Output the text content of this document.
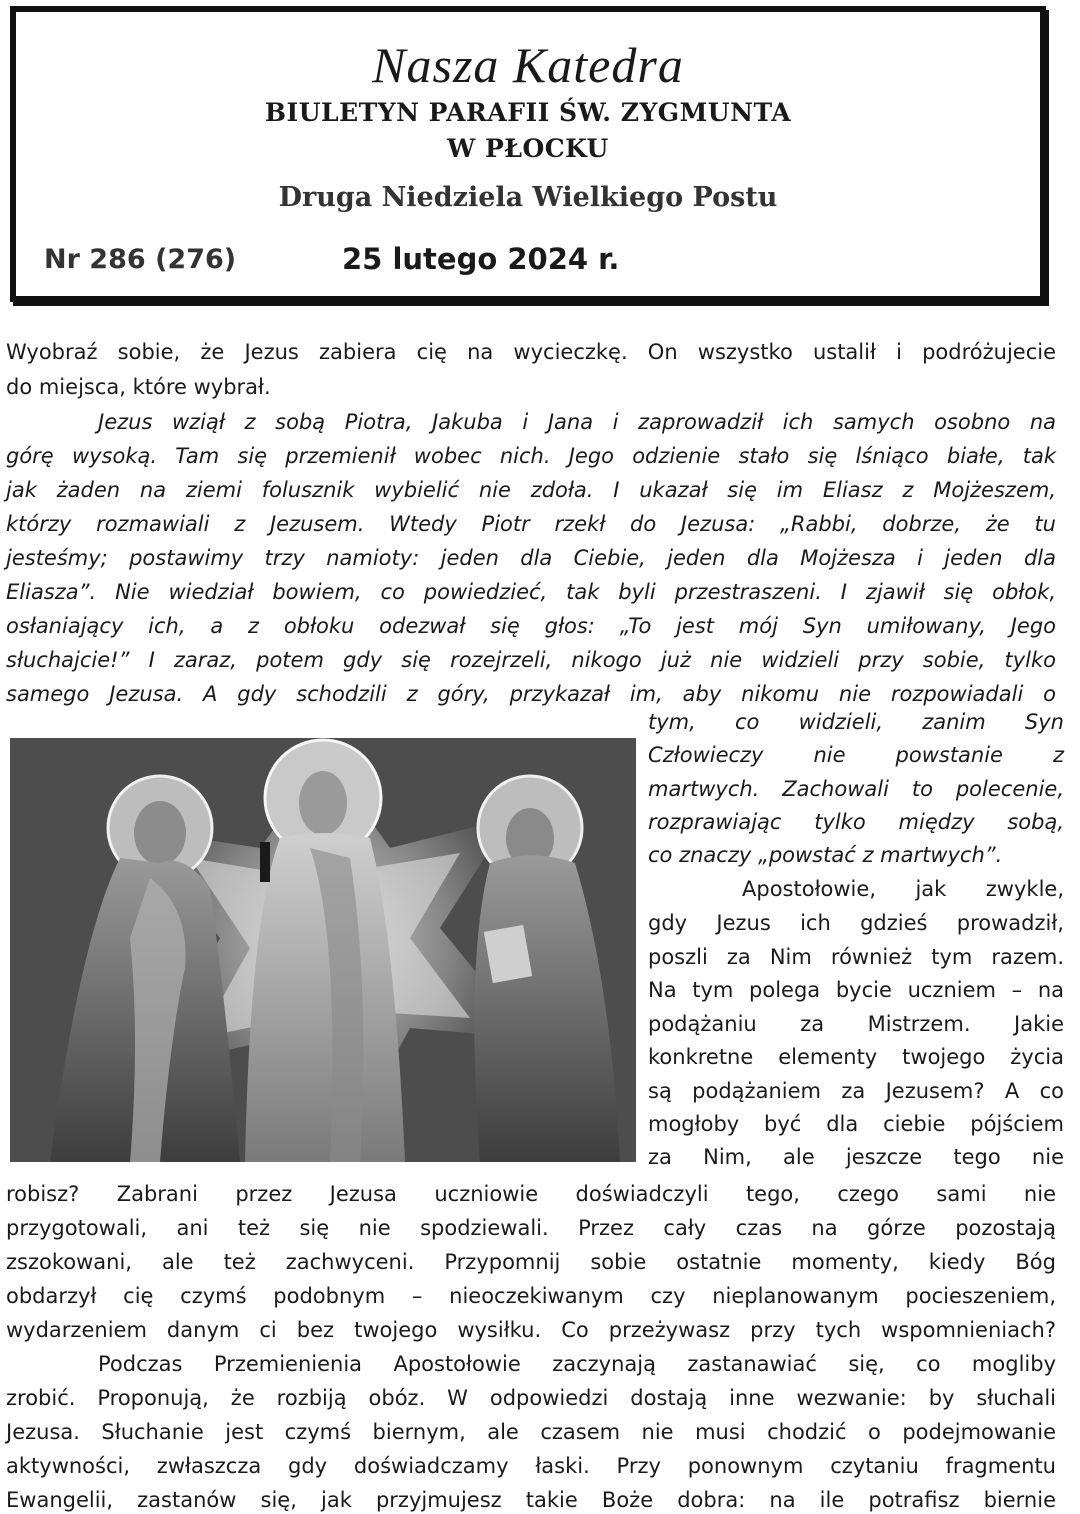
Nasza Katedra
BIULETYN PARAFII ŚW. ZYGMUNTA
W PŁOCKU
Druga Niedziela Wielkiego Postu
Nr 286 (276)	25 lutego 2024 r.
Wyobraź sobie, że Jezus zabiera cię na wycieczkę. On wszystko ustalił i podróżujecie
do miejsca, które wybrał.
Jezus wziął z sobą Piotra, Jakuba i Jana i zaprowadził ich samych osobno na
górę wysoką. Tam się przemienił wobec nich. Jego odzienie stało się lśniąco białe, tak
jak żaden na ziemi folusznik wybielić nie zdoła. I ukazał się im Eliasz z Mojżeszem,
którzy rozmawiali z Jezusem. Wtedy Piotr rzekł do Jezusa: „Rabbi, dobrze, że tu
jesteśmy; postawimy trzy namioty: jeden dla Ciebie, jeden dla Mojżesza i jeden dla
Eliasza”. Nie wiedział bowiem, co powiedzieć, tak byli przestraszeni. I zjawił się obłok,
osłaniający ich, a z obłoku odezwał się głos: „To jest mój Syn umiłowany, Jego
słuchajcie!” I zaraz, potem gdy się rozejrzeli, nikogo już nie widzieli przy sobie, tylko
samego Jezusa. A gdy schodzili z góry, przykazał im, aby nikomu nie rozpowiadali o
tym, co widzieli, zanim Syn
Człowieczy nie powstanie z
martwych. Zachowali to polecenie,
rozprawiając tylko między sobą,
co znaczy „powstać z martwych”.
Apostołowie, jak zwykle,
gdy Jezus ich gdzieś prowadził,
poszli za Nim również tym razem.
Na tym polega bycie uczniem – na
podążaniu za Mistrzem. Jakie
konkretne elementy twojego życia
są podążaniem za Jezusem? A co
mogłoby być dla ciebie pójściem
za Nim, ale jeszcze tego nie
robisz? Zabrani przez Jezusa uczniowie doświadczyli tego, czego sami nie
przygotowali, ani też się nie spodziewali. Przez cały czas na górze pozostają
zszokowani, ale też zachwyceni. Przypomnij sobie ostatnie momenty, kiedy Bóg
obdarzył cię czymś podobnym – nieoczekiwanym czy nieplanowanym pocieszeniem,
wydarzeniem danym ci bez twojego wysiłku. Co przeżywasz przy tych wspomnieniach?
Podczas Przemienienia Apostołowie zaczynają zastanawiać się, co mogliby
zrobić. Proponują, że rozbiją obóz. W odpowiedzi dostają inne wezwanie: by słuchali
Jezusa. Słuchanie jest czymś biernym, ale czasem nie musi chodzić o podejmowanie
aktywności, zwłaszcza gdy doświadczamy łaski. Przy ponownym czytaniu fragmentu
Ewangelii, zastanów się, jak przyjmujesz takie Boże dobra: na ile potrafisz biernie
